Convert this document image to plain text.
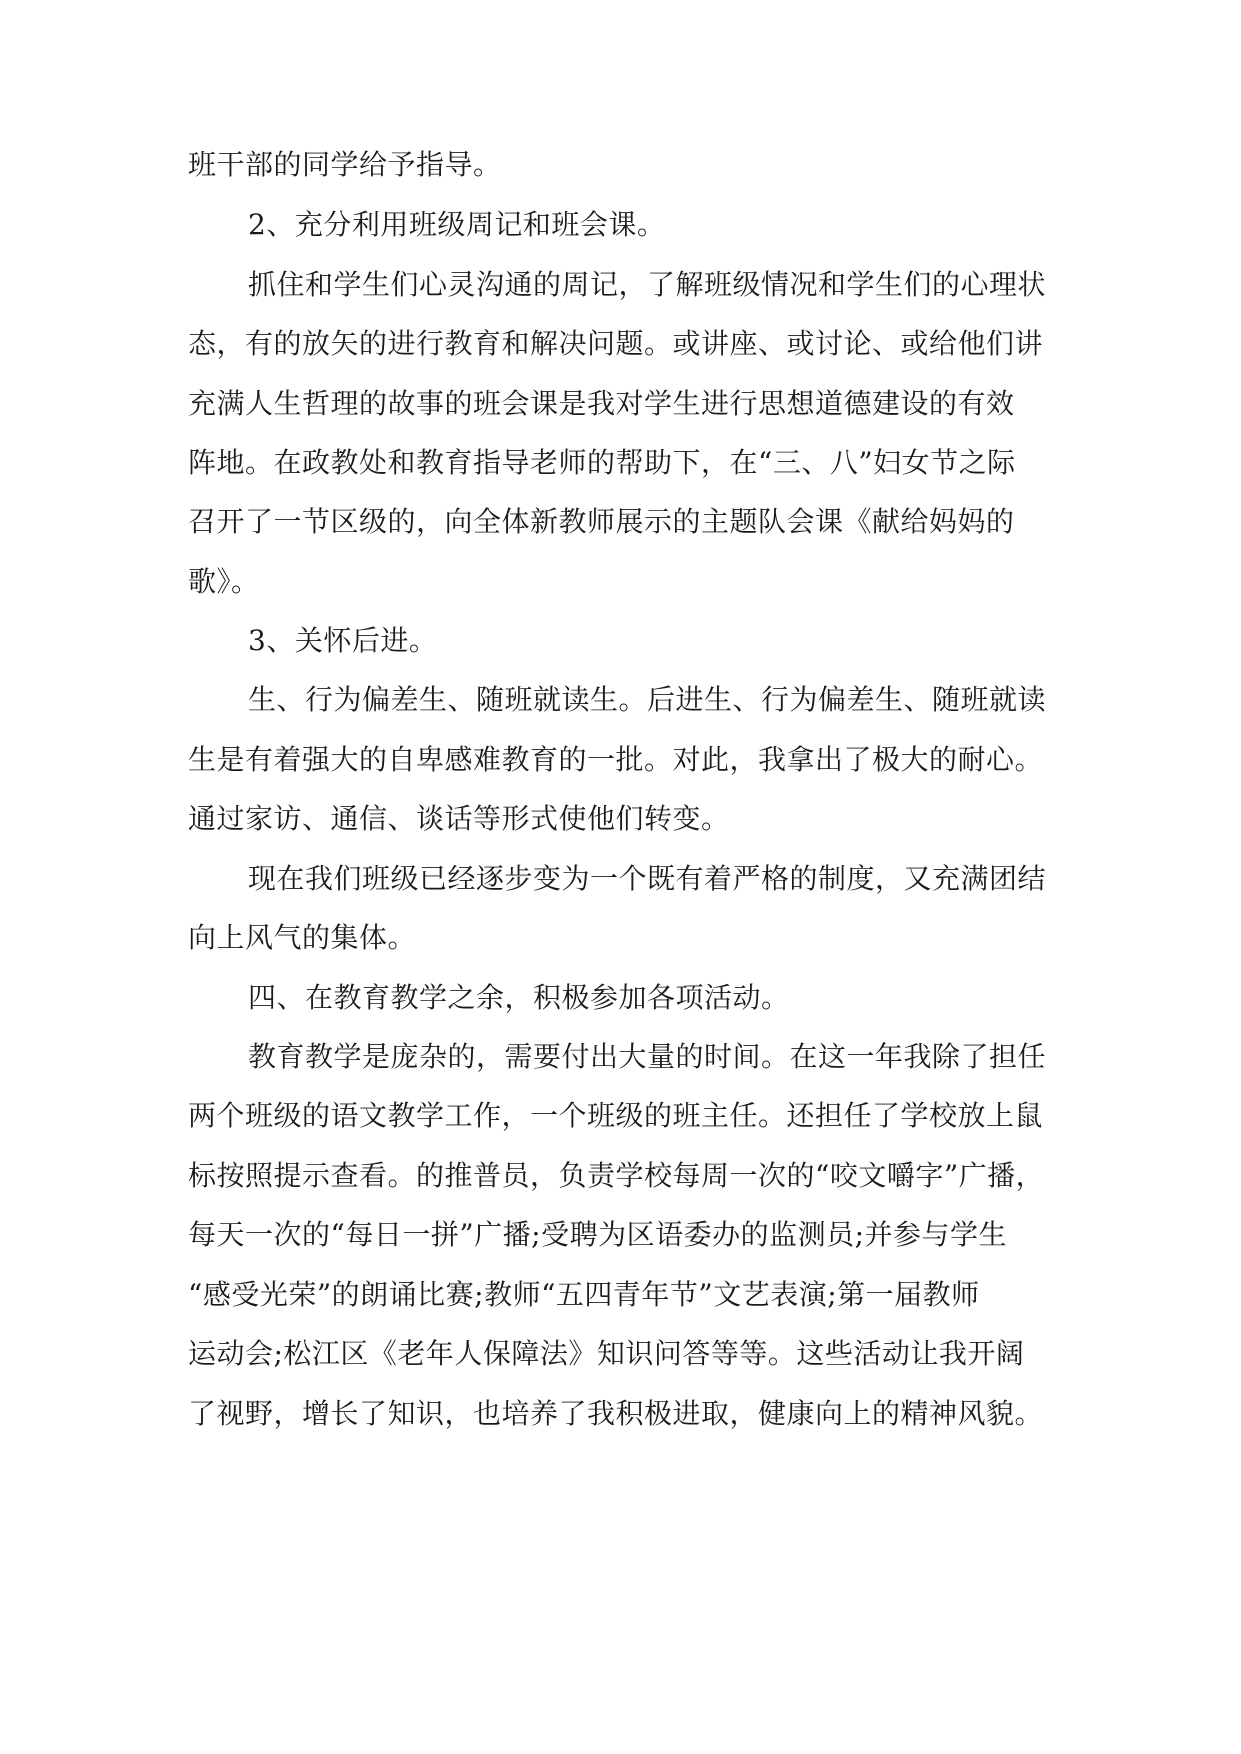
班干部的同学给予指导。
2、充分利用班级周记和班会课。
抓住和学生们心灵沟通的周记，了解班级情况和学生们的心理状
态，有的放矢的进行教育和解决问题。或讲座、或讨论、或给他们讲
充满人生哲理的故事的班会课是我对学生进行思想道德建设的有效
阵地。在政教处和教育指导老师的帮助下，在“三、八”妇女节之际
召开了一节区级的，向全体新教师展示的主题队会课《献给妈妈的
歌》。
3、关怀后进。
生、行为偏差生、随班就读生。后进生、行为偏差生、随班就读
生是有着强大的自卑感难教育的一批。对此，我拿出了极大的耐心。
通过家访、通信、谈话等形式使他们转变。
现在我们班级已经逐步变为一个既有着严格的制度，又充满团结
向上风气的集体。
四、在教育教学之余，积极参加各项活动。
教育教学是庞杂的，需要付出大量的时间。在这一年我除了担任
两个班级的语文教学工作，一个班级的班主任。还担任了学校放上鼠
标按照提示查看。的推普员，负责学校每周一次的“咬文嚼字”广播，
每天一次的“每日一拼”广播;受聘为区语委办的监测员;并参与学生
“感受光荣”的朗诵比赛;教师“五四青年节”文艺表演;第一届教师
运动会;松江区《老年人保障法》知识问答等等。这些活动让我开阔
了视野，增长了知识，也培养了我积极进取，健康向上的精神风貌。
